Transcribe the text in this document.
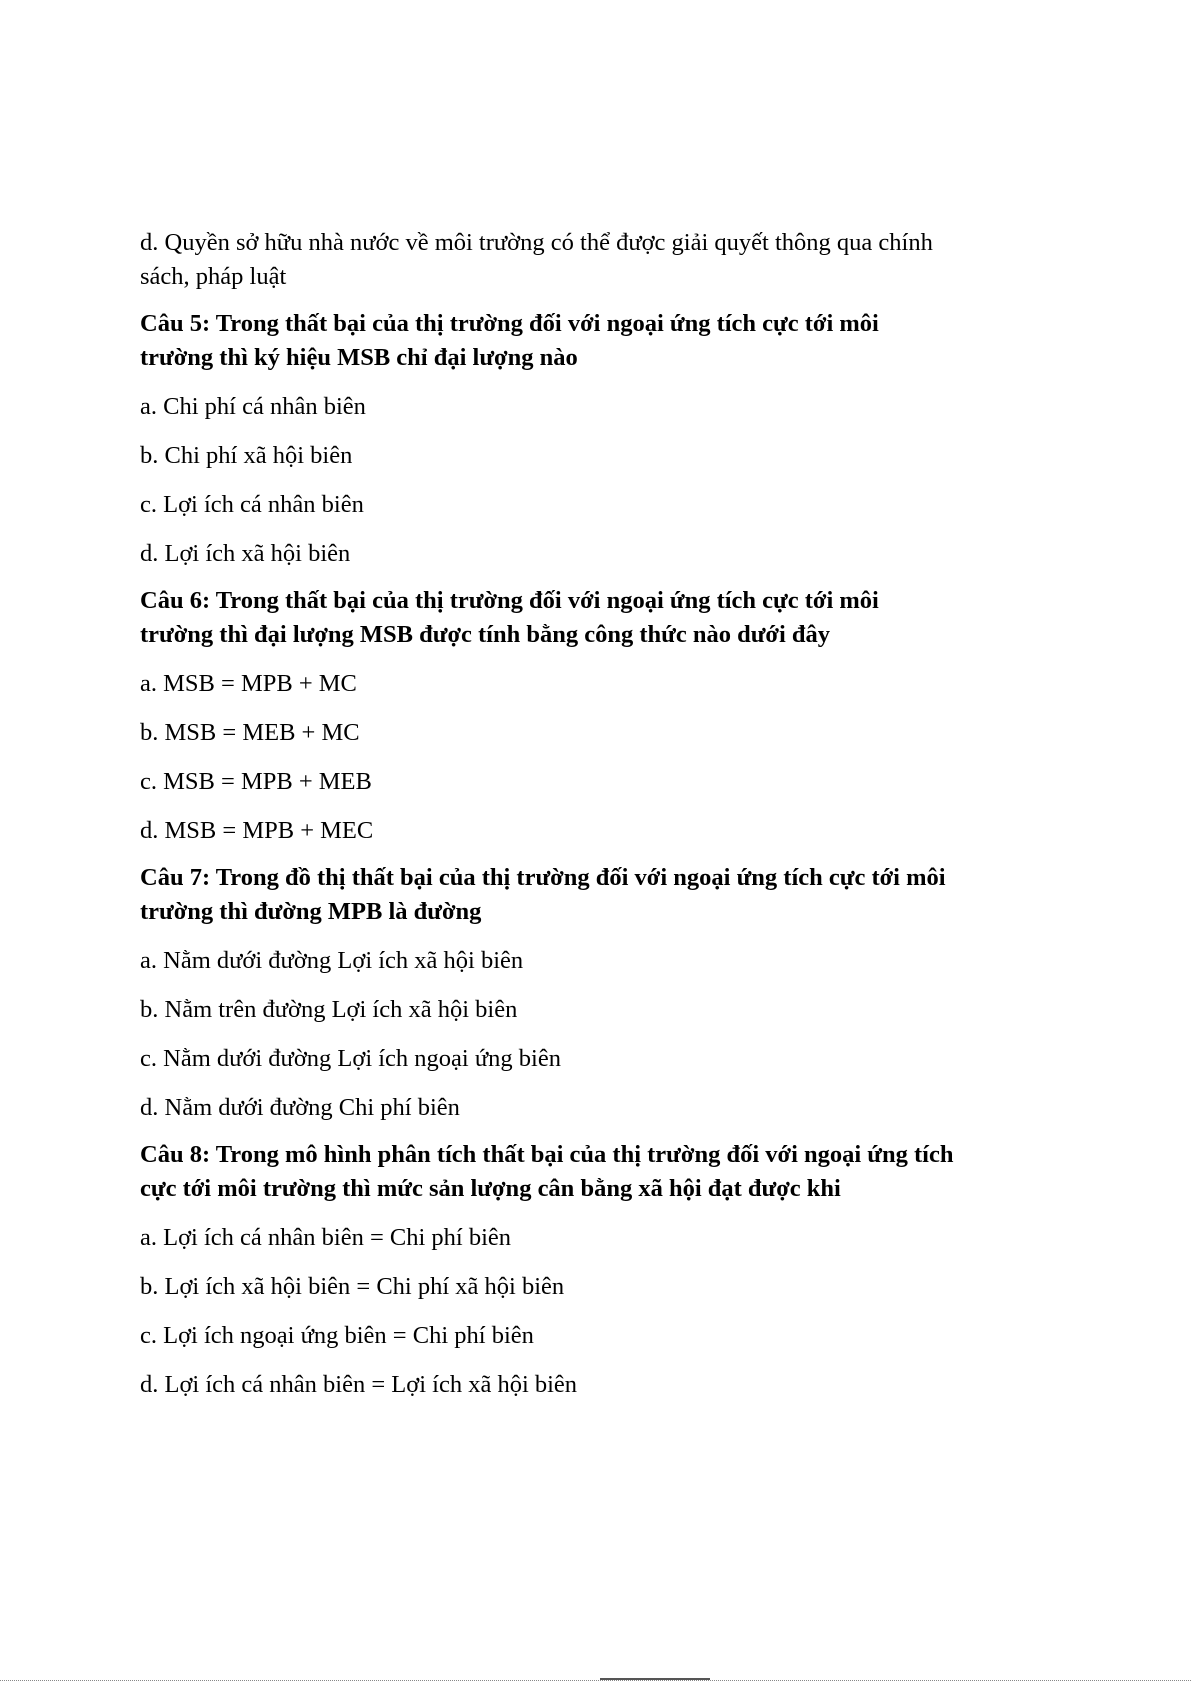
d. Quyền sở hữu nhà nước về môi trường có thể được giải quyết thông qua chính

sách, pháp luật

Câu 5: Trong thất bại của thị trường đối với ngoại ứng tích cực tới môi

trường thì ký hiệu MSB chỉ đại lượng nào

a. Chi phí cá nhân biên

b. Chi phí xã hội biên

c. Lợi ích cá nhân biên

d. Lợi ích xã hội biên

Câu 6: Trong thất bại của thị trường đối với ngoại ứng tích cực tới môi

trường thì đại lượng MSB được tính bằng công thức nào dưới đây

a. MSB = MPB + MC

b. MSB = MEB + MC

c. MSB = MPB + MEB

d. MSB = MPB + MEC

Câu 7: Trong đồ thị thất bại của thị trường đối với ngoại ứng tích cực tới môi

trường thì đường MPB là đường

a. Nằm dưới đường Lợi ích xã hội biên

b. Nằm trên đường Lợi ích xã hội biên

c. Nằm dưới đường Lợi ích ngoại ứng biên

d. Nằm dưới đường Chi phí biên

Câu 8: Trong mô hình phân tích thất bại của thị trường đối với ngoại ứng tích

cực tới môi trường thì mức sản lượng cân bằng xã hội đạt được khi

a. Lợi ích cá nhân biên = Chi phí biên

b. Lợi ích xã hội biên = Chi phí xã hội biên

c. Lợi ích ngoại ứng biên = Chi phí biên

d. Lợi ích cá nhân biên = Lợi ích xã hội biên
